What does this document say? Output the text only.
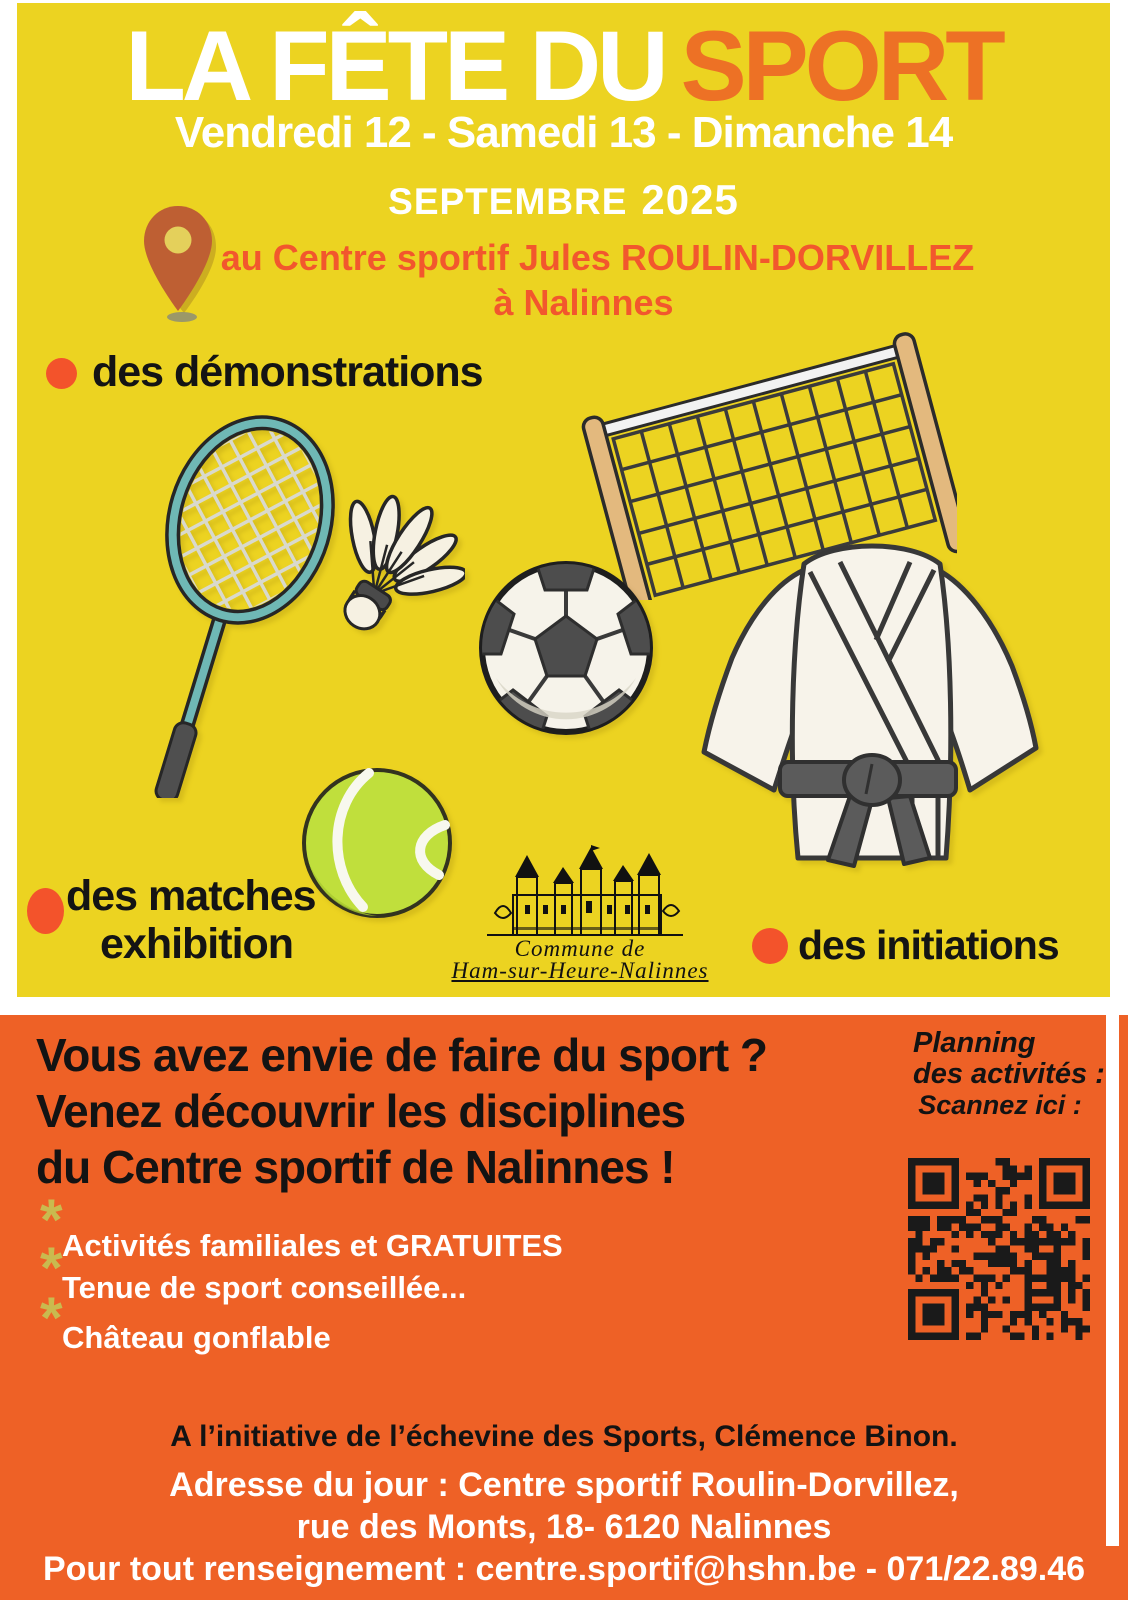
LA FÊTE DU SPORT
Vendredi 12 - Samedi 13 - Dimanche 14
SEPTEMBRE 2025
au Centre sportif Jules ROULIN-DORVILLEZ
à Nalinnes
des démonstrations
des matches
exhibition	des initiations
Commune de
Ham-sur-Heure-Nalinnes
Vous avez envie de faire du sport ?
Venez découvrir les disciplines
du Centre sportif de Nalinnes !
Planning
des activités :
Scannez ici :
* Activités familiales et GRATUITES
* Tenue de sport conseillée...
* Château gonflable
A l’initiative de l’échevine des Sports, Clémence Binon.
Adresse du jour : Centre sportif Roulin-Dorvillez,
rue des Monts, 18- 6120 Nalinnes
Pour tout renseignement : centre.sportif@hshn.be - 071/22.89.46
